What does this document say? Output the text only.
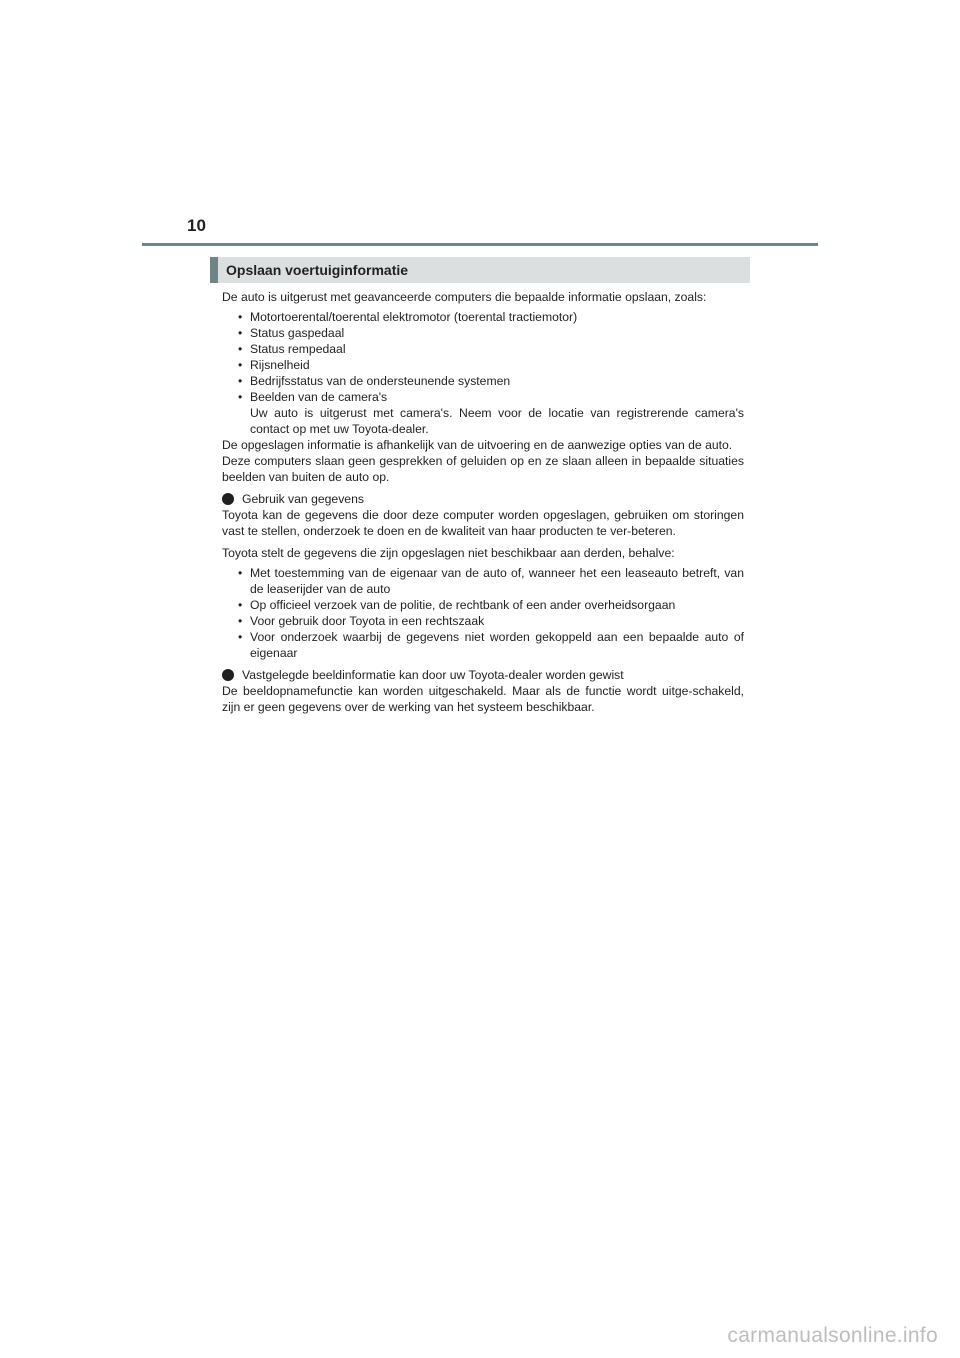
10
Opslaan voertuiginformatie

De auto is uitgerust met geavanceerde computers die bepaalde informatie opslaan, zoals:

• Motortoerental/toerental elektromotor (toerental tractiemotor)
• Status gaspedaal
• Status rempedaal
• Rijsnelheid
• Bedrijfsstatus van de ondersteunende systemen
• Beelden van de camera's
Uw auto is uitgerust met camera's. Neem voor de locatie van registrerende camera's contact op met uw Toyota-dealer.

De opgeslagen informatie is afhankelijk van de uitvoering en de aanwezige opties van de auto.

Deze computers slaan geen gesprekken of geluiden op en ze slaan alleen in bepaalde situaties beelden van buiten de auto op.

Gebruik van gegevens

Toyota kan de gegevens die door deze computer worden opgeslagen, gebruiken om storingen vast te stellen, onderzoek te doen en de kwaliteit van haar producten te ver-beteren.

Toyota stelt de gegevens die zijn opgeslagen niet beschikbaar aan derden, behalve:

• Met toestemming van de eigenaar van de auto of, wanneer het een leaseauto betreft, van de leaserijder van de auto
• Op officieel verzoek van de politie, de rechtbank of een ander overheidsorgaan
• Voor gebruik door Toyota in een rechtszaak
• Voor onderzoek waarbij de gegevens niet worden gekoppeld aan een bepaalde auto of eigenaar

Vastgelegde beeldinformatie kan door uw Toyota-dealer worden gewist

De beeldopnamefunctie kan worden uitgeschakeld. Maar als de functie wordt uitge-schakeld, zijn er geen gegevens over de werking van het systeem beschikbaar.

carmanualsonline.info
